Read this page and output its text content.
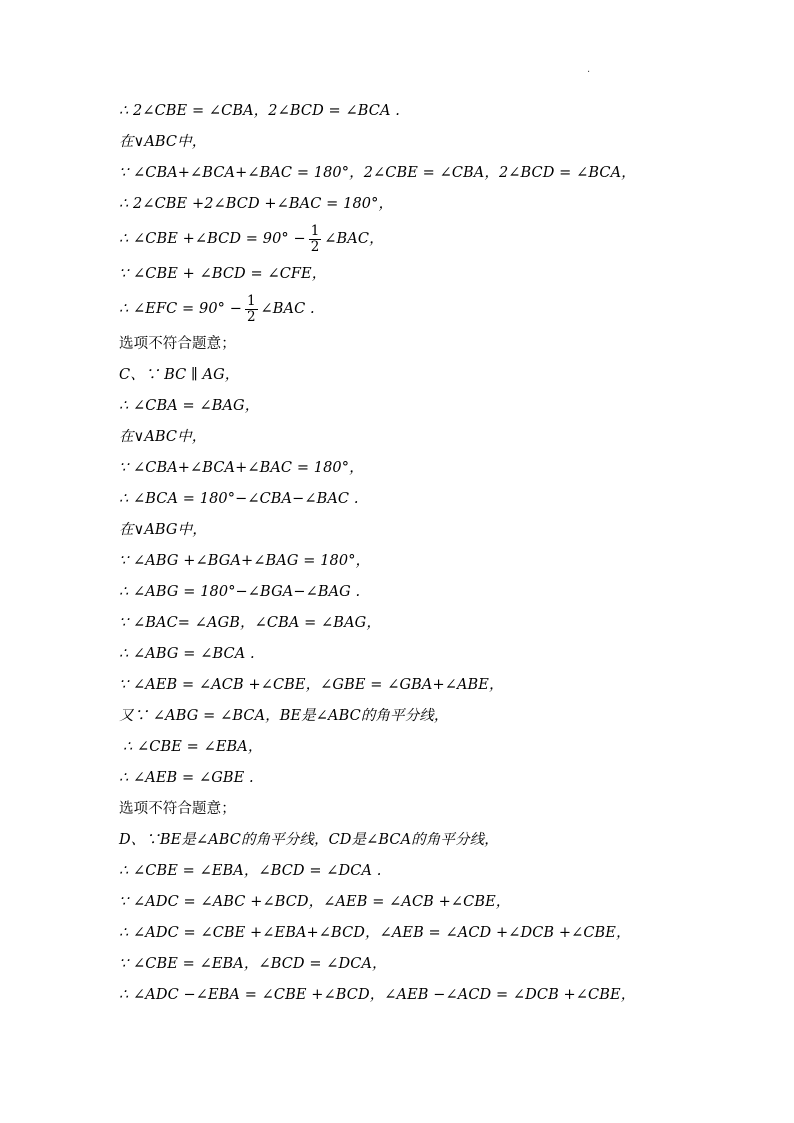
.
∴ 2∠CBE = ∠CBA，2∠BCD = ∠BCA .
在∨ABC中，
∵ ∠CBA+∠BCA+∠BAC = 180°，2∠CBE = ∠CBA，2∠BCD = ∠BCA，
∴ 2∠CBE +2∠BCD +∠BAC = 180°，
∴ ∠CBE +∠BCD = $90^\circ - \frac{1}{2}$ ∠BAC，
∵ ∠CBE + ∠BCD = ∠CFE，
∴ ∠EFC = $90^\circ - \frac{1}{2}$ ∠BAC .
选项不符合题意；
C、∵ BC ∥ AG，
∴ ∠CBA = ∠BAG，
在∨ABC中，
∵ ∠CBA+∠BCA+∠BAC = 180°，
∴ ∠BCA = 180°−∠CBA−∠BAC .
在∨ABG中，
∵ ∠ABG +∠BGA+∠BAG = 180°，
∴ ∠ABG = 180°−∠BGA−∠BAG .
∵ ∠BAC= ∠AGB，∠CBA = ∠BAG，
∴ ∠ABG = ∠BCA .
∵ ∠AEB = ∠ACB +∠CBE，∠GBE = ∠GBA+∠ABE，
又∵ ∠ABG = ∠BCA，BE是∠ABC的角平分线，
∴ ∠CBE = ∠EBA，
∴ ∠AEB = ∠GBE .
选项不符合题意；
D、∵BE是∠ABC的角平分线，CD是∠BCA的角平分线，
∴ ∠CBE = ∠EBA，∠BCD = ∠DCA .
∵ ∠ADC = ∠ABC +∠BCD，∠AEB = ∠ACB +∠CBE，
∴ ∠ADC = ∠CBE +∠EBA+∠BCD，∠AEB = ∠ACD +∠DCB +∠CBE，
∵ ∠CBE = ∠EBA，∠BCD = ∠DCA，
∴ ∠ADC −∠EBA = ∠CBE +∠BCD，∠AEB −∠ACD = ∠DCB +∠CBE，
